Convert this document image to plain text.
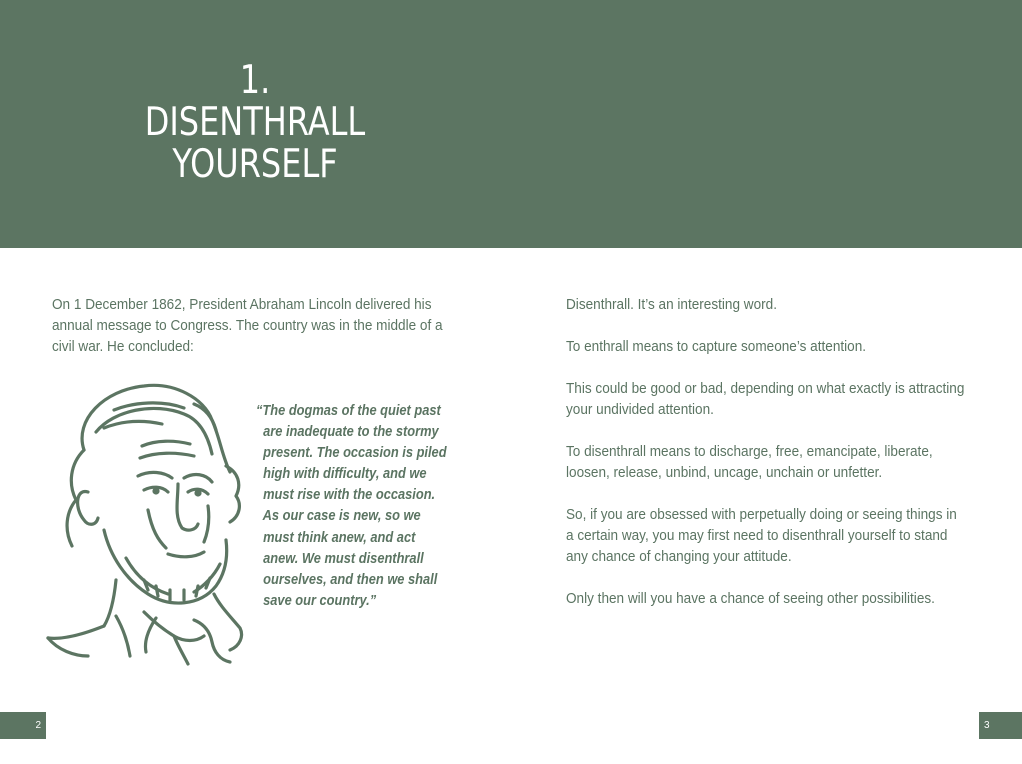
1.
DISENTHRALL
YOURSELF

On 1 December 1862, President Abraham Lincoln delivered his
annual message to Congress. The country was in the middle of a
civil war. He concluded:

“The dogmas of the quiet past
are inadequate to the stormy
present. The occasion is piled
high with difficulty, and we
must rise with the occasion.
As our case is new, so we
must think anew, and act
anew. We must disenthrall
ourselves, and then we shall
save our country.”

Disenthrall. It’s an interesting word.

To enthrall means to capture someone’s attention.

This could be good or bad, depending on what exactly is attracting
your undivided attention.

To disenthrall means to discharge, free, emancipate, liberate,
loosen, release, unbind, uncage, unchain or unfetter.

So, if you are obsessed with perpetually doing or seeing things in
a certain way, you may first need to disenthrall yourself to stand
any chance of changing your attitude.

Only then will you have a chance of seeing other possibilities.

2	3
